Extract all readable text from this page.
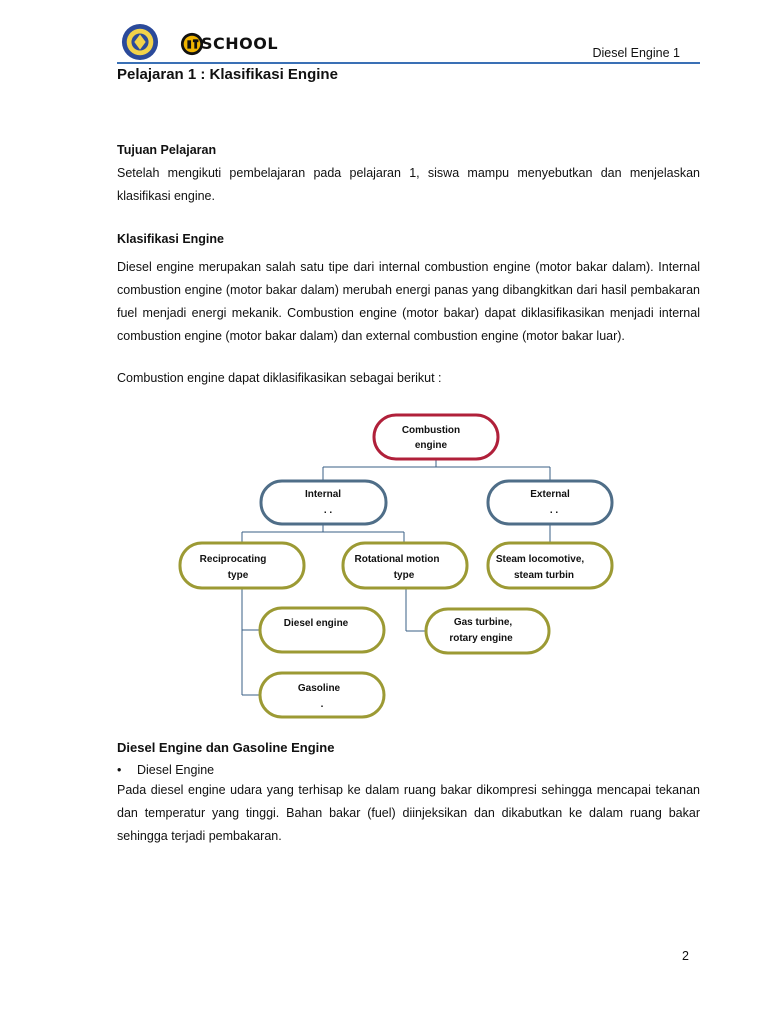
SCHOOL	Diesel Engine 1
Pelajaran 1 : Klasifikasi Engine
Tujuan Pelajaran
Setelah mengikuti pembelajaran pada pelajaran 1, siswa mampu menyebutkan dan menjelaskan klasifikasi engine.
Klasifikasi Engine
Diesel engine merupakan salah satu tipe dari internal combustion engine (motor bakar dalam). Internal combustion engine (motor bakar dalam) merubah energi panas yang dibangkitkan dari hasil pembakaran fuel menjadi energi mekanik. Combustion engine (motor bakar) dapat diklasifikasikan menjadi internal combustion engine (motor bakar dalam) dan external combustion engine (motor bakar luar).
Combustion engine dapat diklasifikasikan sebagai berikut :
Combustion
engine
Internal
. .
External
. .
Reciprocating
type
Rotational motion
type
Steam locomotive,
steam turbin
Diesel engine	Gas turbine,
rotary engine
Gasoline
.
Diesel Engine dan Gasoline Engine
• Diesel Engine
Pada diesel engine udara yang terhisap ke dalam ruang bakar dikompresi sehingga mencapai tekanan dan temperatur yang tinggi. Bahan bakar (fuel) diinjeksikan dan dikabutkan ke dalam ruang bakar sehingga terjadi pembakaran.
2
